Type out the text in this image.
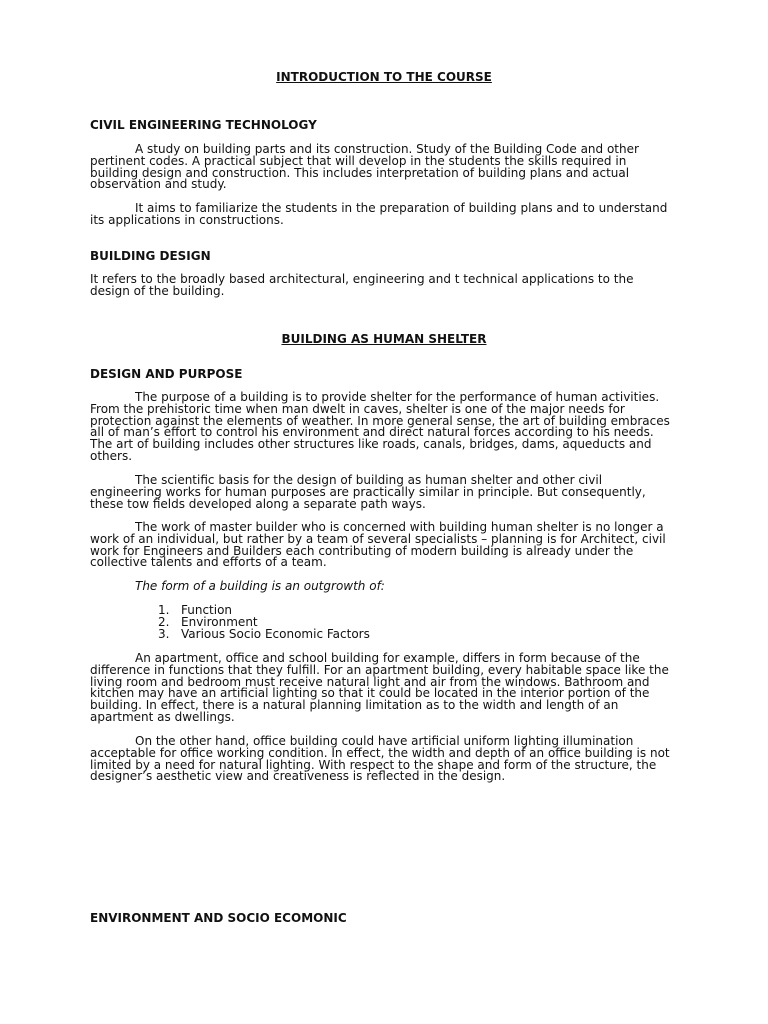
INTRODUCTION TO THE COURSE

CIVIL ENGINEERING TECHNOLOGY

A study on building parts and its construction. Study of the Building Code and other pertinent codes. A practical subject that will develop in the students the skills required in building design and construction. This includes interpretation of building plans and actual observation and study.

It aims to familiarize the students in the preparation of building plans and to understand its applications in constructions.

BUILDING DESIGN

It refers to the broadly based architectural, engineering and t technical applications to the design of the building.

BUILDING AS HUMAN SHELTER

DESIGN AND PURPOSE

The purpose of a building is to provide shelter for the performance of human activities. From the prehistoric time when man dwelt in caves, shelter is one of the major needs for protection against the elements of weather. In more general sense, the art of building embraces all of man’s effort to control his environment and direct natural forces according to his needs. The art of building includes other structures like roads, canals, bridges, dams, aqueducts and others.

The scientific basis for the design of building as human shelter and other civil engineering works for human purposes are practically similar in principle. But consequently, these tow fields developed along a separate path ways.

The work of master builder who is concerned with building human shelter is no longer a work of an individual, but rather by a team of several specialists – planning is for Architect, civil work for Engineers and Builders each contributing of modern building is already under the collective talents and efforts of a team.

The form of a building is an outgrowth of:

1. Function
2. Environment
3. Various Socio Economic Factors

An apartment, office and school building for example, differs in form because of the difference in functions that they fulfill. For an apartment building, every habitable space like the living room and bedroom must receive natural light and air from the windows. Bathroom and kitchen may have an artificial lighting so that it could be located in the interior portion of the building. In effect, there is a natural planning limitation as to the width and length of an apartment as dwellings.

On the other hand, office building could have artificial uniform lighting illumination acceptable for office working condition. In effect, the width and depth of an office building is not limited by a need for natural lighting. With respect to the shape and form of the structure, the designer’s aesthetic view and creativeness is reflected in the design.

ENVIRONMENT AND SOCIO ECOMONIC
